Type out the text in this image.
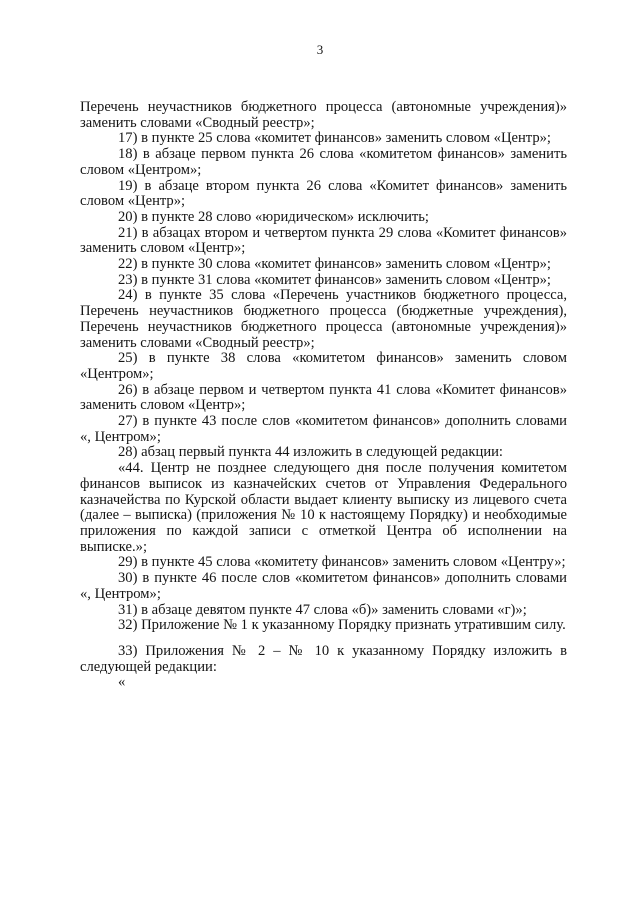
3

Перечень неучастников бюджетного процесса (автономные учреждения)» заменить словами «Сводный реестр»;

17) в пункте 25 слова «комитет финансов» заменить словом «Центр»;

18) в абзаце первом пункта 26 слова «комитетом финансов» заменить словом «Центром»;

19) в абзаце втором пункта 26 слова «Комитет финансов» заменить словом «Центр»;

20) в пункте 28 слово «юридическом» исключить;

21) в абзацах втором и четвертом пункта 29 слова «Комитет финансов» заменить словом «Центр»;

22) в пункте 30 слова «комитет финансов» заменить словом «Центр»;

23) в пункте 31 слова «комитет финансов» заменить словом «Центр»;

24) в пункте 35 слова «Перечень участников бюджетного процесса, Перечень неучастников бюджетного процесса (бюджетные учреждения), Перечень неучастников бюджетного процесса (автономные учреждения)» заменить словами «Сводный реестр»;

25) в пункте 38 слова «комитетом финансов» заменить словом «Центром»;

26) в абзаце первом и четвертом пункта 41 слова «Комитет финансов» заменить словом «Центр»;

27) в пункте 43 после слов «комитетом финансов» дополнить словами «, Центром»;

28) абзац первый пункта 44 изложить в следующей редакции:

«44. Центр не позднее следующего дня после получения комитетом финансов выписок из казначейских счетов от Управления Федерального казначейства по Курской области выдает клиенту выписку из лицевого счета (далее – выписка) (приложения № 10 к настоящему Порядку) и необходимые приложения по каждой записи с отметкой Центра об исполнении на выписке.»;

29) в пункте 45 слова «комитету финансов» заменить словом «Центру»;

30) в пункте 46 после слов «комитетом финансов» дополнить словами «, Центром»;

31) в абзаце девятом пункте 47 слова «б)» заменить словами «г)»;

32) Приложение № 1 к указанному Порядку признать утратившим силу.

33) Приложения № 2 – № 10 к указанному Порядку изложить в следующей редакции:

«
